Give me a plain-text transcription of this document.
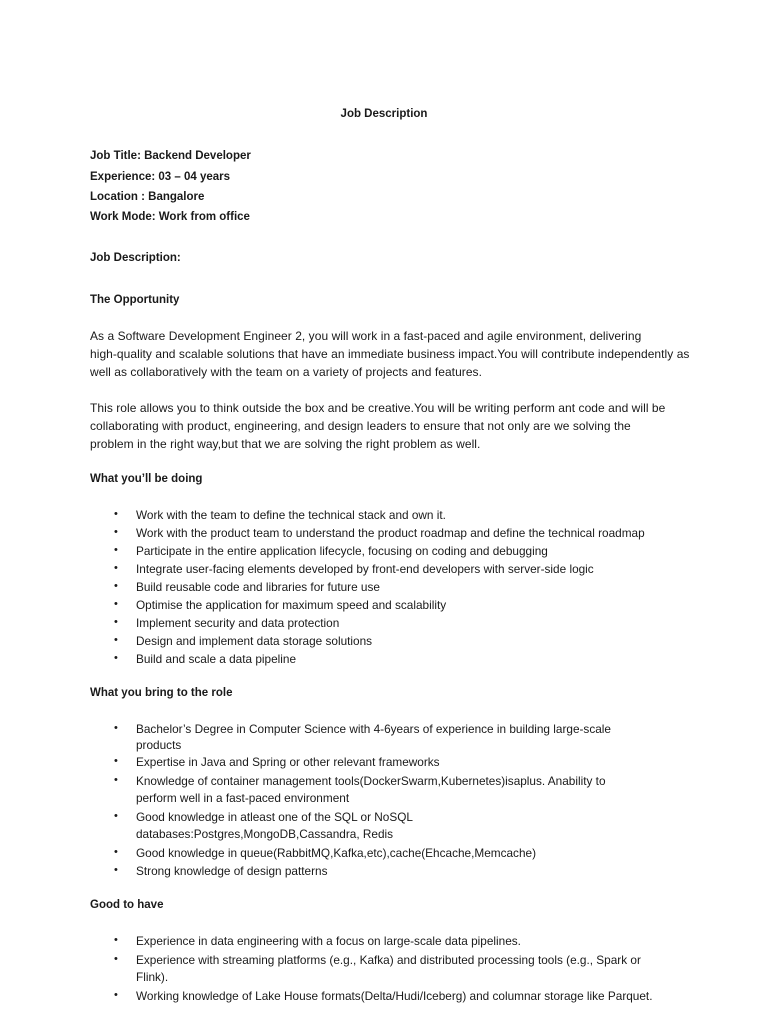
Job Description
Job Title: Backend Developer
Experience: 03 – 04 years
Location : Bangalore
Work Mode: Work from office
Job Description:
The Opportunity
As a Software Development Engineer 2, you will work in a fast-paced and agile environment, delivering
high-quality and scalable solutions that have an immediate business impact.You will contribute independently as
well as collaboratively with the team on a variety of projects and features.
This role allows you to think outside the box and be creative.You will be writing perform ant code and will be
collaborating with product, engineering, and design leaders to ensure that not only are we solving the
problem in the right way,but that we are solving the right problem as well.
What you’ll be doing
• Work with the team to define the technical stack and own it.
• Work with the product team to understand the product roadmap and define the technical roadmap
• Participate in the entire application lifecycle, focusing on coding and debugging
• Integrate user-facing elements developed by front-end developers with server-side logic
• Build reusable code and libraries for future use
• Optimise the application for maximum speed and scalability
• Implement security and data protection
• Design and implement data storage solutions
• Build and scale a data pipeline
What you bring to the role
• Bachelor’s Degree in Computer Science with 4-6years of experience in building large-scale
products
• Expertise in Java and Spring or other relevant frameworks
• Knowledge of container management tools(DockerSwarm,Kubernetes)isaplus. Anability to
perform well in a fast-paced environment
• Good knowledge in atleast one of the SQL or NoSQL
databases:Postgres,MongoDB,Cassandra, Redis
• Good knowledge in queue(RabbitMQ,Kafka,etc),cache(Ehcache,Memcache)
• Strong knowledge of design patterns
Good to have
• Experience in data engineering with a focus on large-scale data pipelines.
• Experience with streaming platforms (e.g., Kafka) and distributed processing tools (e.g., Spark or
Flink).
• Working knowledge of Lake House formats(Delta/Hudi/Iceberg) and columnar storage like Parquet.
